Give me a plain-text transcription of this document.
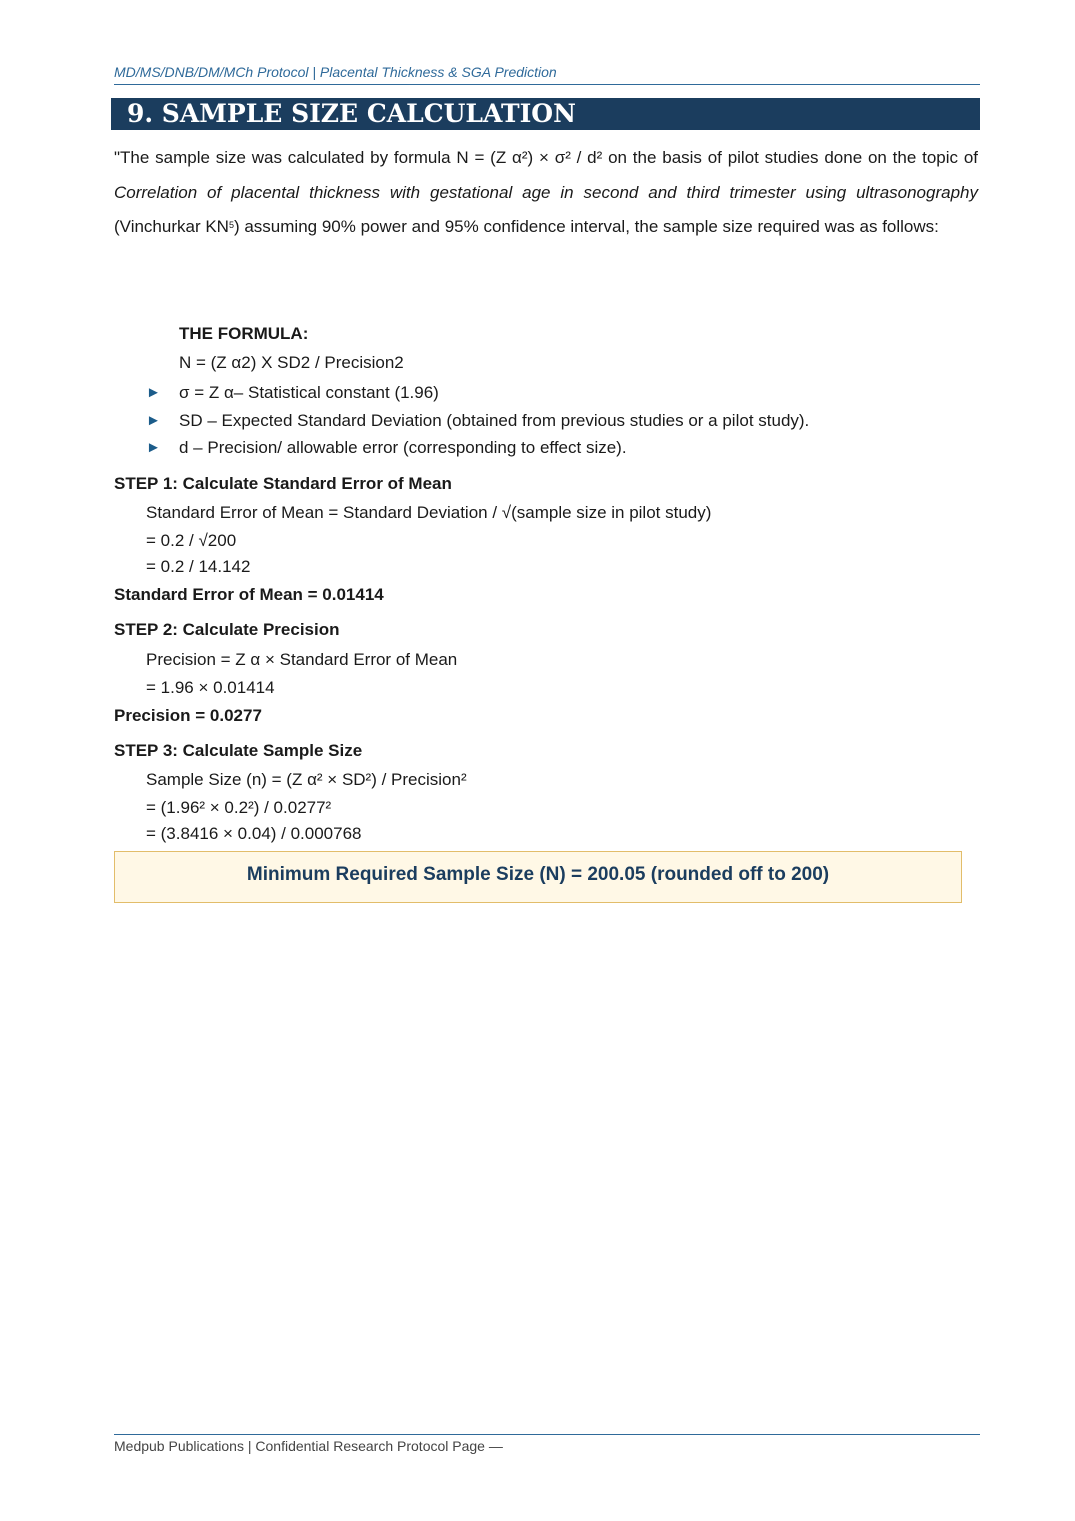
MD/MS/DNB/DM/MCh Protocol | Placental Thickness & SGA Prediction
9. SAMPLE SIZE CALCULATION
"The sample size was calculated by formula N = (Z α²) × σ² / d² on the basis of pilot studies done on the topic of Correlation of placental thickness with gestational age in second and third trimester using ultrasonography (Vinchurkar $KN^5$) assuming 90% power and 95% confidence interval, the sample size required was as follows:
THE FORMULA:
N = (Z α2) X SD2 / Precision2
► σ = Z α– Statistical constant (1.96)
► SD – Expected Standard Deviation (obtained from previous studies or a pilot study).
► d – Precision/ allowable error (corresponding to effect size).
STEP 1: Calculate Standard Error of Mean
Standard Error of Mean = Standard Deviation / √(sample size in pilot study)
= 0.2 / √200
= 0.2 / 14.142
Standard Error of Mean = 0.01414
STEP 2: Calculate Precision
Precision = Z α × Standard Error of Mean
= 1.96 × 0.01414
Precision = 0.0277
STEP 3: Calculate Sample Size
Sample Size (n) = (Z α² × SD²) / Precision²
= (1.96² × 0.2²) / 0.0277²
= (3.8416 × 0.04) / 0.000768
Minimum Required Sample Size (N) = 200.05 (rounded off to 200)
Medpub Publications | Confidential Research Protocol Page —
